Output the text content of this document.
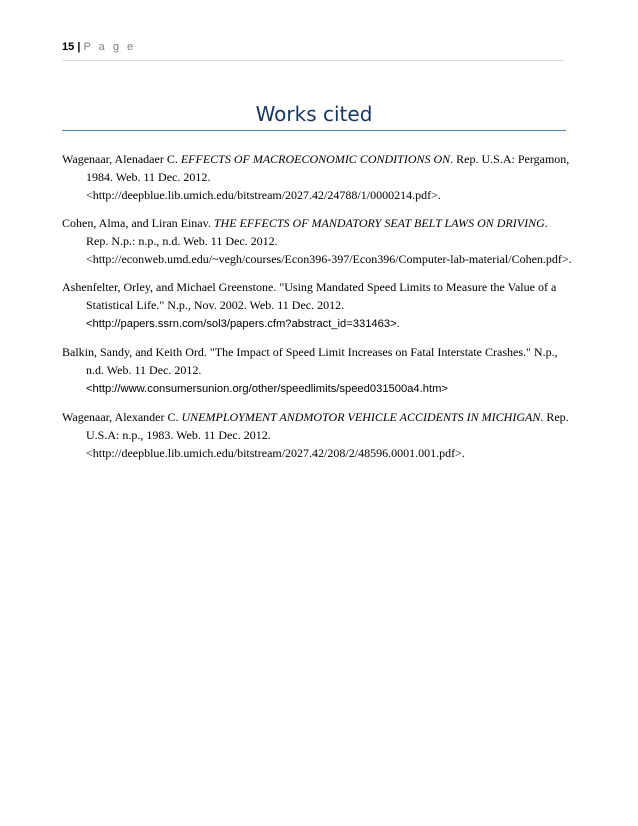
15 | P a g e
Works cited

Wagenaar, Alenadaer C. EFFECTS OF MACROECONOMIC CONDITIONS ON. Rep. U.S.A: Pergamon, 1984. Web. 11 Dec. 2012.
<http://deepblue.lib.umich.edu/bitstream/2027.42/24788/1/0000214.pdf>.

Cohen, Alma, and Liran Einav. THE EFFECTS OF MANDATORY SEAT BELT LAWS ON DRIVING. Rep. N.p.: n.p., n.d. Web. 11 Dec. 2012.
<http://econweb.umd.edu/~vegh/courses/Econ396-397/Econ396/Computer-lab-material/Cohen.pdf>.

Ashenfelter, Orley, and Michael Greenstone. "Using Mandated Speed Limits to Measure the Value of a Statistical Life." N.p., Nov. 2002. Web. 11 Dec. 2012.
<http://papers.ssrn.com/sol3/papers.cfm?abstract_id=331463>.

Balkin, Sandy, and Keith Ord. "The Impact of Speed Limit Increases on Fatal Interstate Crashes." N.p., n.d. Web. 11 Dec. 2012.
<http://www.consumersunion.org/other/speedlimits/speed031500a4.htm>

Wagenaar, Alexander C. UNEMPLOYMENT ANDMOTOR VEHICLE ACCIDENTS IN MICHIGAN. Rep. U.S.A: n.p., 1983. Web. 11 Dec. 2012.
<http://deepblue.lib.umich.edu/bitstream/2027.42/208/2/48596.0001.001.pdf>.
